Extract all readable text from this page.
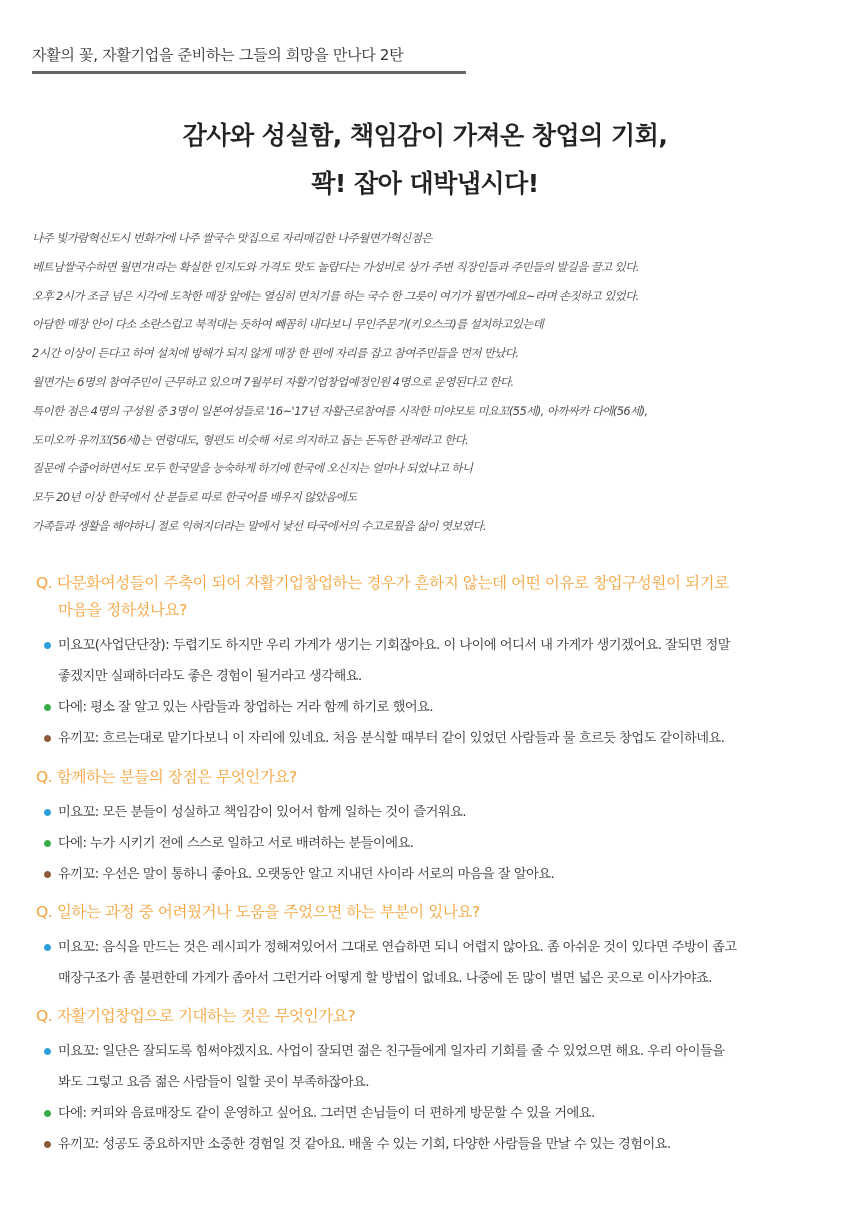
자활의 꽃, 자활기업을 준비하는 그들의 희망을 만나다 2탄
감사와 성실함, 책임감이 가져온 창업의 기회,
꽉! 잡아 대박냅시다!
나주 빛가람혁신도시 번화가에 나주 쌀국수 맛집으로 자리매김한 나주월면가혁신점은
베트남쌀국수하면 월면가!라는 확실한 인지도와 가격도 맛도 놀랍다는 가성비로 상가 주변 직장인들과 주민들의 발길을 끌고 있다.
오후 2시가 조금 넘은 시각에 도착한 매장 앞에는 열심히 면치기를 하는 국수 한 그릇이 여기가 월면가예요~라며 손짓하고 있었다.
아담한 매장 안이 다소 소란스럽고 북적대는 듯하여 빼꼼히 내다보니 무인주문기(키오스크)를 설치하고있는데
2시간 이상이 든다고 하여 설치에 방해가 되지 않게 매장 한 편에 자리를 잡고 참여주민들을 먼저 만났다.
월면가는 6명의 참여주민이 근무하고 있으며 7월부터 자활기업창업예정인원 4명으로 운영된다고 한다.
특이한 점은 4명의 구성원 중 3명이 일본여성들로 '16~'17년 자활근로참여를 시작한 미야모토 미요꼬(55세), 아까싸카 다에(56세),
도미오까 유끼꼬(56세)는 연령대도, 형편도 비슷해 서로 의지하고 돕는 돈독한 관계라고 한다.
질문에 수줍어하면서도 모두 한국말을 능숙하게 하기에 한국에 오신지는 얼마나 되었냐고 하니
모두 20년 이상 한국에서 산 분들로 따로 한국어를 배우지 않았음에도
가족들과 생활을 해야하니 절로 익혀지더라는 말에서 낯선 타국에서의 수고로웠을 삶이 엿보였다.
Q. 다문화여성들이 주축이 되어 자활기업창업하는 경우가 흔하지 않는데 어떤 이유로 창업구성원이 되기로
마음을 정하셨나요?
미요꼬(사업단단장): 두렵기도 하지만 우리 가게가 생기는 기회잖아요. 이 나이에 어디서 내 가게가 생기겠어요. 잘되면 정말
좋겠지만 실패하더라도 좋은 경험이 될거라고 생각해요.
다에: 평소 잘 알고 있는 사람들과 창업하는 거라 함께 하기로 했어요.
유끼꼬: 흐르는대로 맡기다보니 이 자리에 있네요. 처음 분식할 때부터 같이 있었던 사람들과 물 흐르듯 창업도 같이하네요.
Q. 함께하는 분들의 장점은 무엇인가요?
미요꼬: 모든 분들이 성실하고 책임감이 있어서 함께 일하는 것이 즐거워요.
다에: 누가 시키기 전에 스스로 일하고 서로 배려하는 분들이에요.
유끼꼬: 우선은 말이 통하니 좋아요. 오랫동안 알고 지내던 사이라 서로의 마음을 잘 알아요.
Q. 일하는 과정 중 어려웠거나 도움을 주었으면 하는 부분이 있나요?
미요꼬: 음식을 만드는 것은 레시피가 정해져있어서 그대로 연습하면 되니 어렵지 않아요. 좀 아쉬운 것이 있다면 주방이 좁고
매장구조가 좀 불편한데 가게가 좁아서 그런거라 어떻게 할 방법이 없네요. 나중에 돈 많이 벌면 넓은 곳으로 이사가야죠.
Q. 자활기업창업으로 기대하는 것은 무엇인가요?
미요꼬: 일단은 잘되도록 힘써야겠지요. 사업이 잘되면 젊은 친구들에게 일자리 기회를 줄 수 있었으면 해요. 우리 아이들을
봐도 그렇고 요즘 젊은 사람들이 일할 곳이 부족하잖아요.
다에: 커피와 음료매장도 같이 운영하고 싶어요. 그러면 손님들이 더 편하게 방문할 수 있을 거에요.
유끼꼬: 성공도 중요하지만 소중한 경험일 것 같아요. 배울 수 있는 기회, 다양한 사람들을 만날 수 있는 경험이요.
